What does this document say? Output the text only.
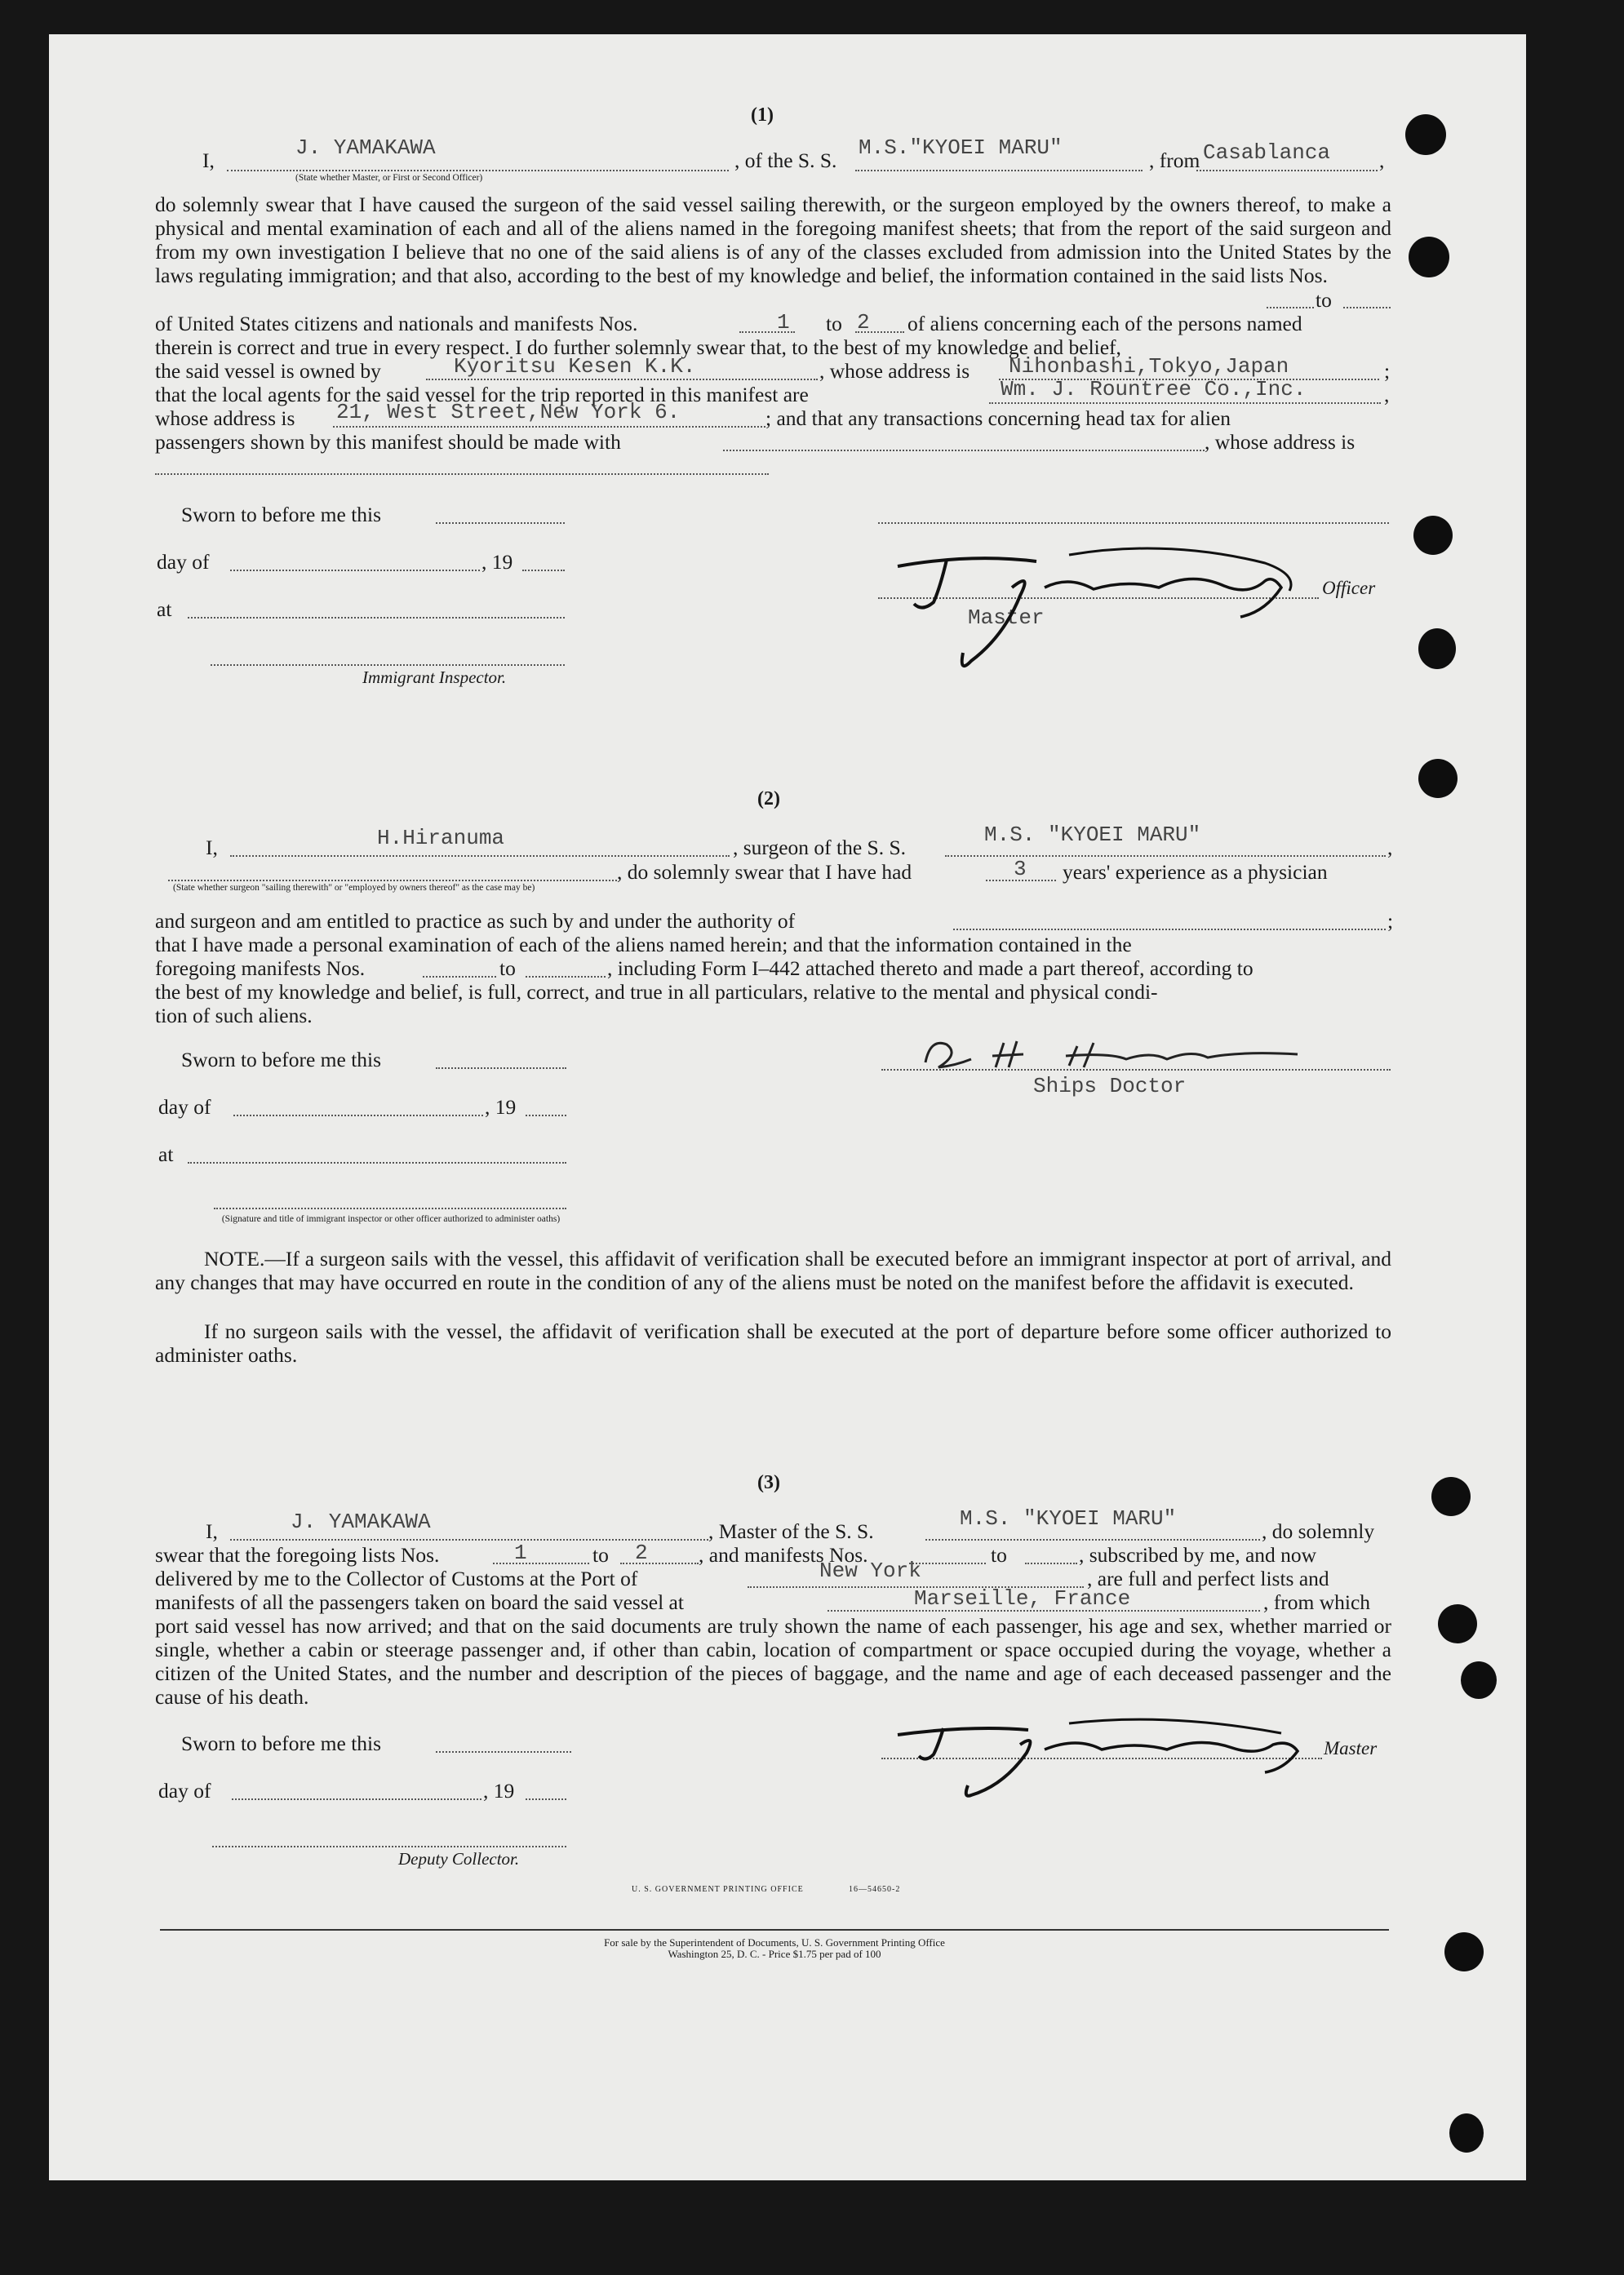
(1)
I,
J. YAMAKAWA
, of the S. S.
M.S."KYOEI MARU"
, from Casablanca ,
(State whether Master, or First or Second Officer)
do solemnly swear that I have caused the surgeon of the said vessel sailing therewith, or the surgeon employed by the owners thereof, to make a physical and mental examination of each and all of the aliens named in the foregoing manifest sheets; that from the report of the said surgeon and from my own investigation I believe that no one of the said aliens is of any of the classes excluded from admission into the United States by the laws regulating immigration; and that also, according to the best of my knowledge and belief, the information contained in the said lists Nos.
to
of United States citizens and nationals and manifests Nos.	1 to 2 of aliens concerning each of the persons named
therein is correct and true in every respect. I do further solemnly swear that, to the best of my knowledge and belief,
the said vessel is owned by	Kyoritsu Kesen K.K.	, whose address is Nihonbashi,Tokyo,Japan	;
that the local agents for the said vessel for the trip reported in this manifest are	Wm. J. Rountree Co.,Inc.	,
whose address is 21, West Street,New York 6.	; and that any transactions concerning head tax for alien
passengers shown by this manifest should be made with	, whose address is
Sworn to before me this
day of	, 19
at
Immigrant Inspector.
Officer
Master
(2)
I,	H.Hiranuma	, surgeon of the S. S.
M.S. "KYOEI MARU"
,
, do solemnly swear that I have had	3 years' experience as a physician
(State whether surgeon "sailing therewith" or "employed by owners thereof" as the case may be)
and surgeon and am entitled to practice as such by and under the authority of	;
that I have made a personal examination of each of the aliens named herein; and that the information contained in the
foregoing manifests Nos.	to	, including Form I–442 attached thereto and made a part thereof, according to
the best of my knowledge and belief, is full, correct, and true in all particulars, relative to the mental and physical condi-
tion of such aliens.
Sworn to before me this
day of	, 19
at
(Signature and title of immigrant inspector or other officer authorized to administer oaths)
Ships Doctor
NOTE.—If a surgeon sails with the vessel, this affidavit of verification shall be executed before an immigrant inspector at port of arrival, and any changes that may have occurred en route in the condition of any of the aliens must be noted on the manifest before the affidavit is executed.
If no surgeon sails with the vessel, the affidavit of verification shall be executed at the port of departure before some officer authorized to administer oaths.
(3)
I,	J. YAMAKAWA	, Master of the S. S.
M.S. "KYOEI MARU"
, do solemnly
swear that the foregoing lists Nos.	1	to 2 , and manifests Nos.	to	, subscribed by me, and now
delivered by me to the Collector of Customs at the Port of	New York	, are full and perfect lists and
manifests of all the passengers taken on board the said vessel at	Marseille, France	, from which
port said vessel has now arrived; and that on the said documents are truly shown the name of each passenger, his age and sex, whether married or single, whether a cabin or steerage passenger and, if other than cabin, location of compartment or space occupied during the voyage, whether a citizen of the United States, and the number and description of the pieces of baggage, and the name and age of each deceased passenger and the cause of his death.
Sworn to before me this
day of	, 19
Deputy Collector.
Master
U. S. GOVERNMENT PRINTING OFFICE	16—54650-2
For sale by the Superintendent of Documents, U. S. Government Printing Office
Washington 25, D. C. - Price $1.75 per pad of 100
